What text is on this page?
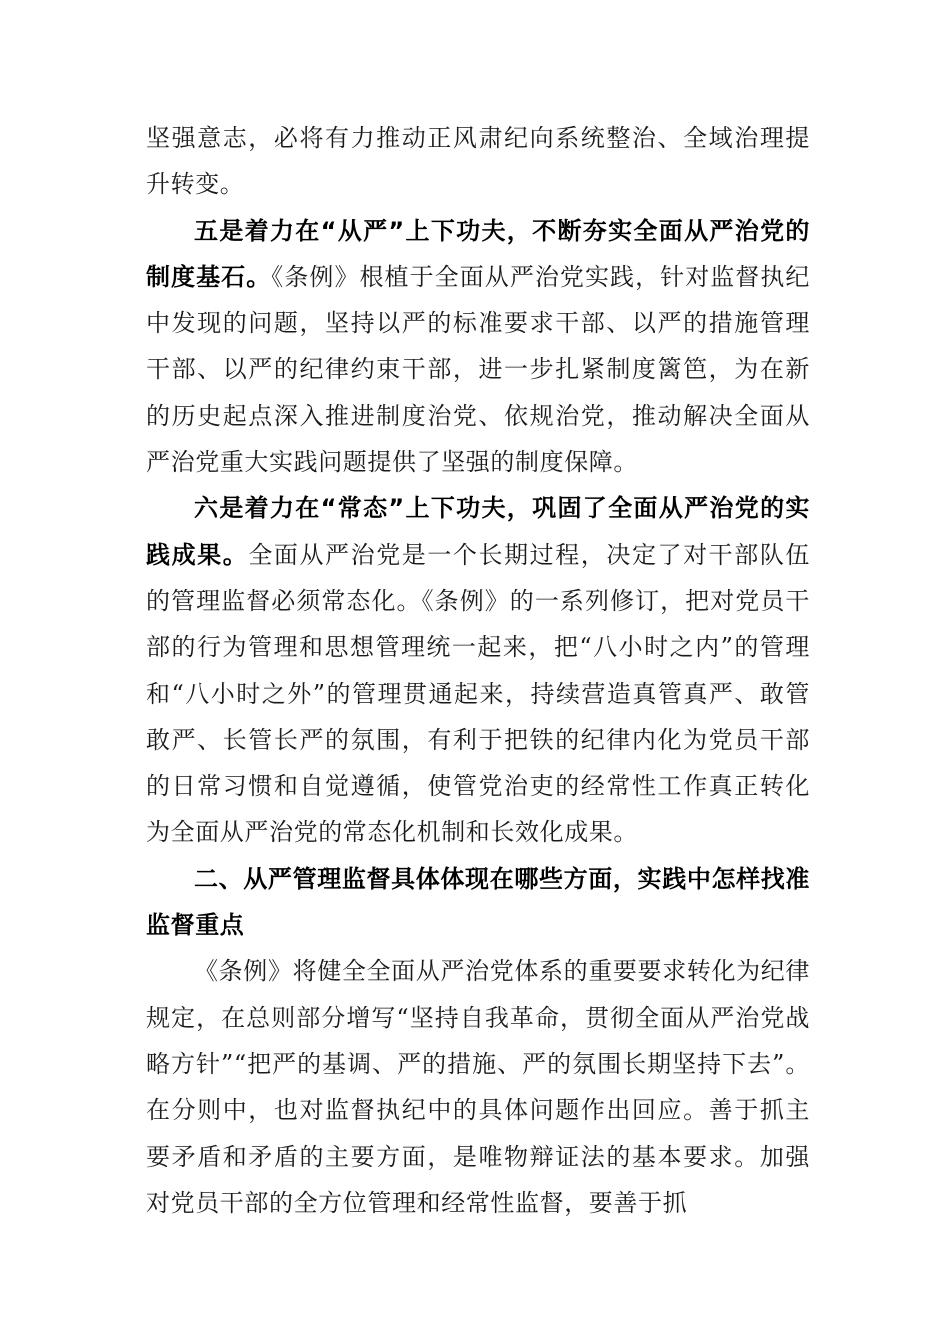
坚强意志，必将有力推动正风肃纪向系统整治、全域治理提升转变。

五是着力在“从严”上下功夫，不断夯实全面从严治党的制度基石。《条例》根植于全面从严治党实践，针对监督执纪中发现的问题，坚持以严的标准要求干部、以严的措施管理干部、以严的纪律约束干部，进一步扎紧制度篱笆，为在新的历史起点深入推进制度治党、依规治党，推动解决全面从严治党重大实践问题提供了坚强的制度保障。

六是着力在“常态”上下功夫，巩固了全面从严治党的实践成果。全面从严治党是一个长期过程，决定了对干部队伍的管理监督必须常态化。《条例》的一系列修订，把对党员干部的行为管理和思想管理统一起来，把“八小时之内”的管理和“八小时之外”的管理贯通起来，持续营造真管真严、敢管敢严、长管长严的氛围，有利于把铁的纪律内化为党员干部的日常习惯和自觉遵循，使管党治吏的经常性工作真正转化为全面从严治党的常态化机制和长效化成果。

二、从严管理监督具体体现在哪些方面，实践中怎样找准监督重点

《条例》将健全全面从严治党体系的重要要求转化为纪律规定，在总则部分增写“坚持自我革命，贯彻全面从严治党战略方针”“把严的基调、严的措施、严的氛围长期坚持下去”。在分则中，也对监督执纪中的具体问题作出回应。善于抓主要矛盾和矛盾的主要方面，是唯物辩证法的基本要求。加强对党员干部的全方位管理和经常性监督，要善于抓
